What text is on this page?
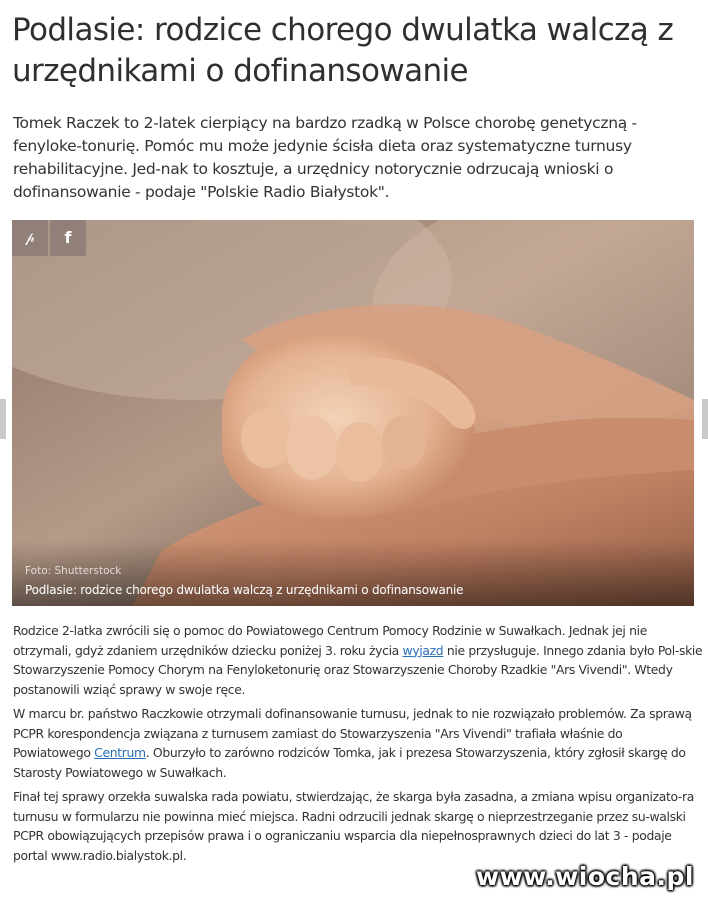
Podlasie: rodzice chorego dwulatka walczą z urzędnikami o dofinansowanie

Tomek Raczek to 2-latek cierpiący na bardzo rzadką w Polsce chorobę genetyczną - fenyloke-tonurię. Pomóc mu może jedynie ścisła dieta oraz systematyczne turnusy rehabilitacyjne. Jed-nak to kosztuje, a urzędnicy notorycznie odrzucają wnioski o dofinansowanie - podaje "Polskie Radio Białystok".

𝓅	f
Foto: Shutterstock
Podlasie: rodzice chorego dwulatka walczą z urzędnikami o dofinansowanie

Rodzice 2-latka zwrócili się o pomoc do Powiatowego Centrum Pomocy Rodzinie w Suwałkach. Jednak jej nie otrzymali, gdyż zdaniem urzędników dziecku poniżej 3. roku życia wyjazd nie przysługuje. Innego zdania było Pol-skie Stowarzyszenie Pomocy Chorym na Fenyloketonurię oraz Stowarzyszenie Choroby Rzadkie "Ars Vivendi". Wtedy postanowili wziąć sprawy w swoje ręce.

W marcu br. państwo Raczkowie otrzymali dofinansowanie turnusu, jednak to nie rozwiązało problemów. Za sprawą PCPR korespondencja związana z turnusem zamiast do Stowarzyszenia "Ars Vivendi" trafiała właśnie do Powiatowego Centrum. Oburzyło to zarówno rodziców Tomka, jak i prezesa Stowarzyszenia, który zgłosił skargę do Starosty Powiatowego w Suwałkach.

Finał tej sprawy orzekła suwalska rada powiatu, stwierdzając, że skarga była zasadna, a zmiana wpisu organizato-ra turnusu w formularzu nie powinna mieć miejsca. Radni odrzucili jednak skargę o nieprzestrzeganie przez su-walski PCPR obowiązujących przepisów prawa i o ograniczaniu wsparcia dla niepełnosprawnych dzieci do lat 3 - podaje portal www.radio.bialystok.pl.

www.wiocha.pl
